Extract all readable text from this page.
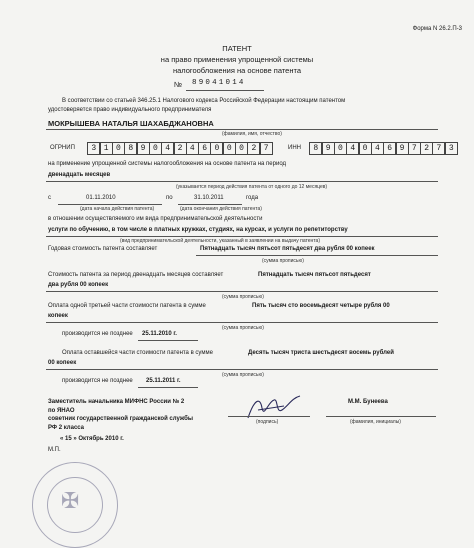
Форма N 26.2.П-3
ПАТЕНТ
на право применения упрощенной системы
налогообложения на основе патента
№ 89041014
В соответствии со статьей 346.25.1 Налогового кодекса Российской Федерации настоящим патентом
удостоверяется право индивидуального предпринимателя
МОКРЫШЕВА НАТАЛЬЯ ШАХАБДЖАНОВНА
(фамилия, имя, отчество)
ОГРНИП	3 1 0 8 9 0 4 2 4 6 0 0 0 2 7	ИНН	8 9 0 4 0 4 6 9 7 2 7 3
на применение упрощенной системы налогообложения на основе патента на период
двенадцать месяцев
(указывается период действия патента от одного до 12 месяцев)
с	01.11.2010	по	31.10.2011	года
(дата начала действия патента)	(дата окончания действия патента)
в отношении осуществляемого им вида предпринимательской деятельности
услуги по обучению, в том числе в платных кружках, студиях, на курсах, и услуги по репетиторству
(вид предпринимательской деятельности, указанный в заявлении на выдачу патента)
Годовая стоимость патента составляет	Пятнадцать тысяч пятьсот пятьдесят два рубля 00 копеек
(сумма прописью)
Стоимость патента за период двенадцать месяцев составляет	Пятнадцать тысяч пятьсот пятьдесят
два рубля 00 копеек
(сумма прописью)
Оплата одной третьей части стоимости патента в сумме	Пять тысяч сто восемьдесят четыре рубля 00
копеек
(сумма прописью)
производится не позднее 25.11.2010 г.
Оплата оставшейся части стоимости патента в сумме	Десять тысяч триста шестьдесят восемь рублей
00 копеек
(сумма прописью)
производится не позднее 25.11.2011 г.
Заместитель начальника МИФНС России № 2
по ЯНАО
советник государственной гражданской службы
РФ 2 класса
(подпись)
М.М. Бунеева
(фамилия, инициалы)
« 15 » Октябрь 2010 г.
М.П.
✠
